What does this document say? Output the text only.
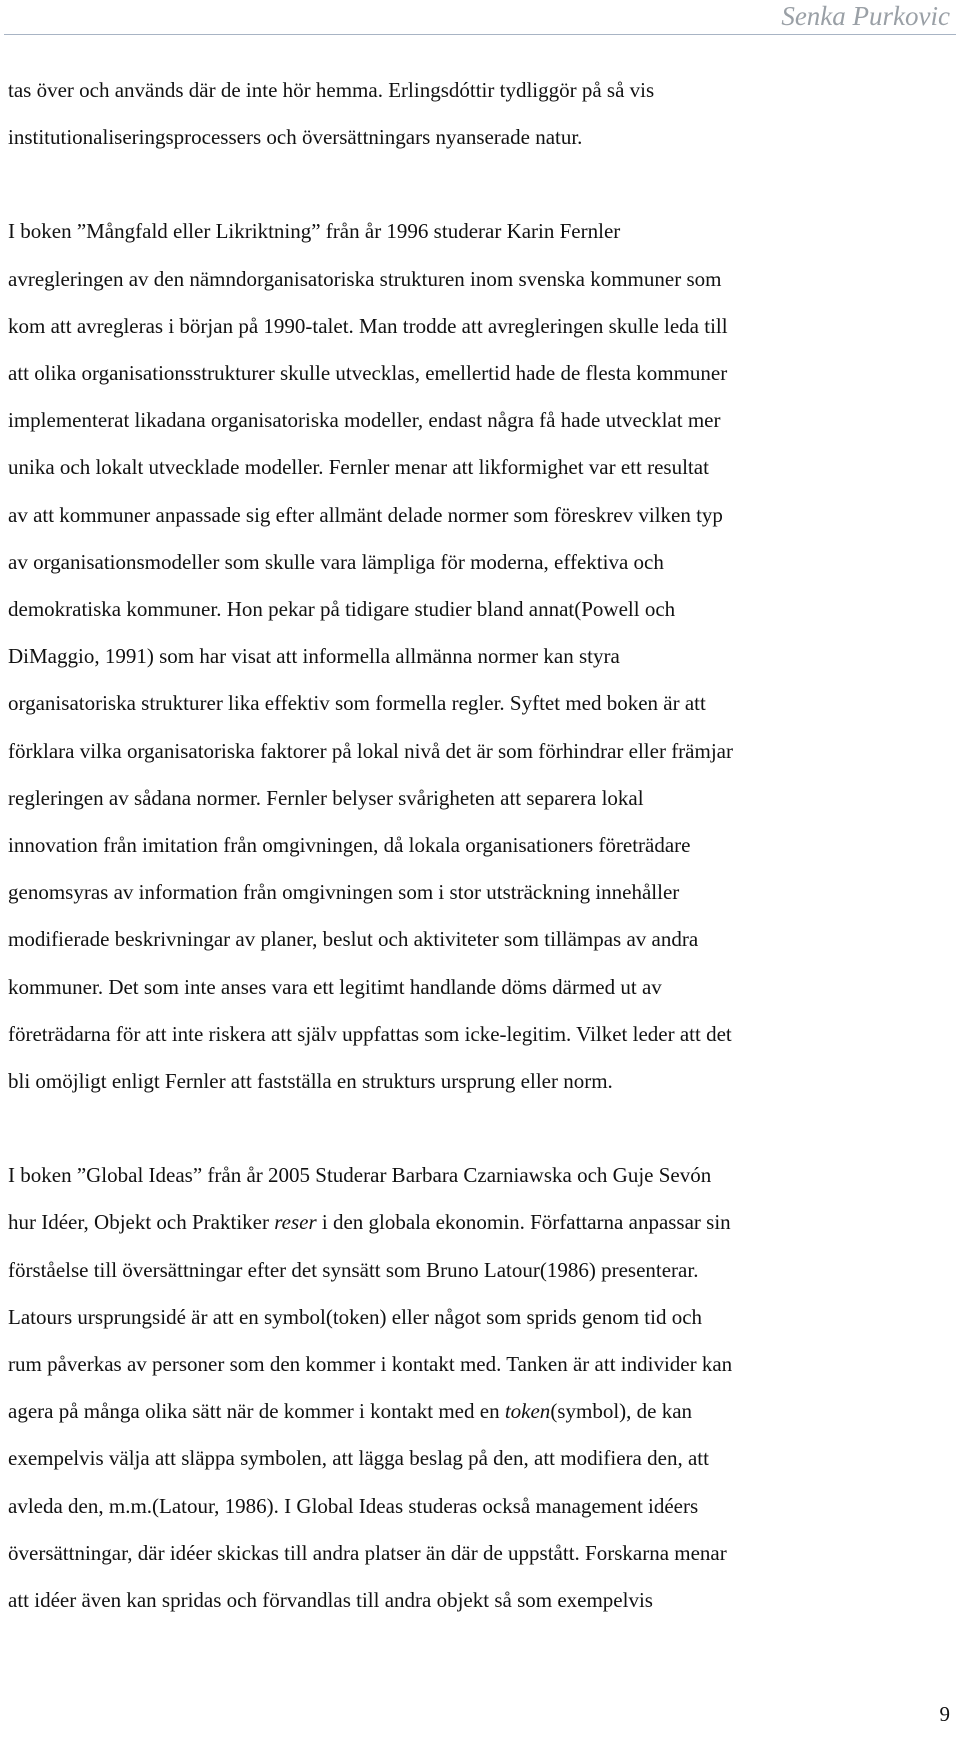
Senka Purkovic

tas över och används där de inte hör hemma. Erlingsdóttir tydliggör på så vis
institutionaliseringsprocessers och översättningars nyanserade natur.

I boken ”Mångfald eller Likriktning” från år 1996 studerar Karin Fernler
avregleringen av den nämndorganisatoriska strukturen inom svenska kommuner som
kom att avregleras i början på 1990-talet. Man trodde att avregleringen skulle leda till
att olika organisationsstrukturer skulle utvecklas, emellertid hade de flesta kommuner
implementerat likadana organisatoriska modeller, endast några få hade utvecklat mer
unika och lokalt utvecklade modeller. Fernler menar att likformighet var ett resultat
av att kommuner anpassade sig efter allmänt delade normer som föreskrev vilken typ
av organisationsmodeller som skulle vara lämpliga för moderna, effektiva och
demokratiska kommuner. Hon pekar på tidigare studier bland annat(Powell och
DiMaggio, 1991) som har visat att informella allmänna normer kan styra
organisatoriska strukturer lika effektiv som formella regler. Syftet med boken är att
förklara vilka organisatoriska faktorer på lokal nivå det är som förhindrar eller främjar
regleringen av sådana normer. Fernler belyser svårigheten att separera lokal
innovation från imitation från omgivningen, då lokala organisationers företrädare
genomsyras av information från omgivningen som i stor utsträckning innehåller
modifierade beskrivningar av planer, beslut och aktiviteter som tillämpas av andra
kommuner. Det som inte anses vara ett legitimt handlande döms därmed ut av
företrädarna för att inte riskera att själv uppfattas som icke-legitim. Vilket leder att det
bli omöjligt enligt Fernler att fastställa en strukturs ursprung eller norm.

I boken ”Global Ideas” från år 2005 Studerar Barbara Czarniawska och Guje Sevón
hur Idéer, Objekt och Praktiker reser i den globala ekonomin. Författarna anpassar sin
förståelse till översättningar efter det synsätt som Bruno Latour(1986) presenterar.
Latours ursprungsidé är att en symbol(token) eller något som sprids genom tid och
rum påverkas av personer som den kommer i kontakt med. Tanken är att individer kan
agera på många olika sätt när de kommer i kontakt med en token(symbol), de kan
exempelvis välja att släppa symbolen, att lägga beslag på den, att modifiera den, att
avleda den, m.m.(Latour, 1986). I Global Ideas studeras också management idéers
översättningar, där idéer skickas till andra platser än där de uppstått. Forskarna menar
att idéer även kan spridas och förvandlas till andra objekt så som exempelvis

9
